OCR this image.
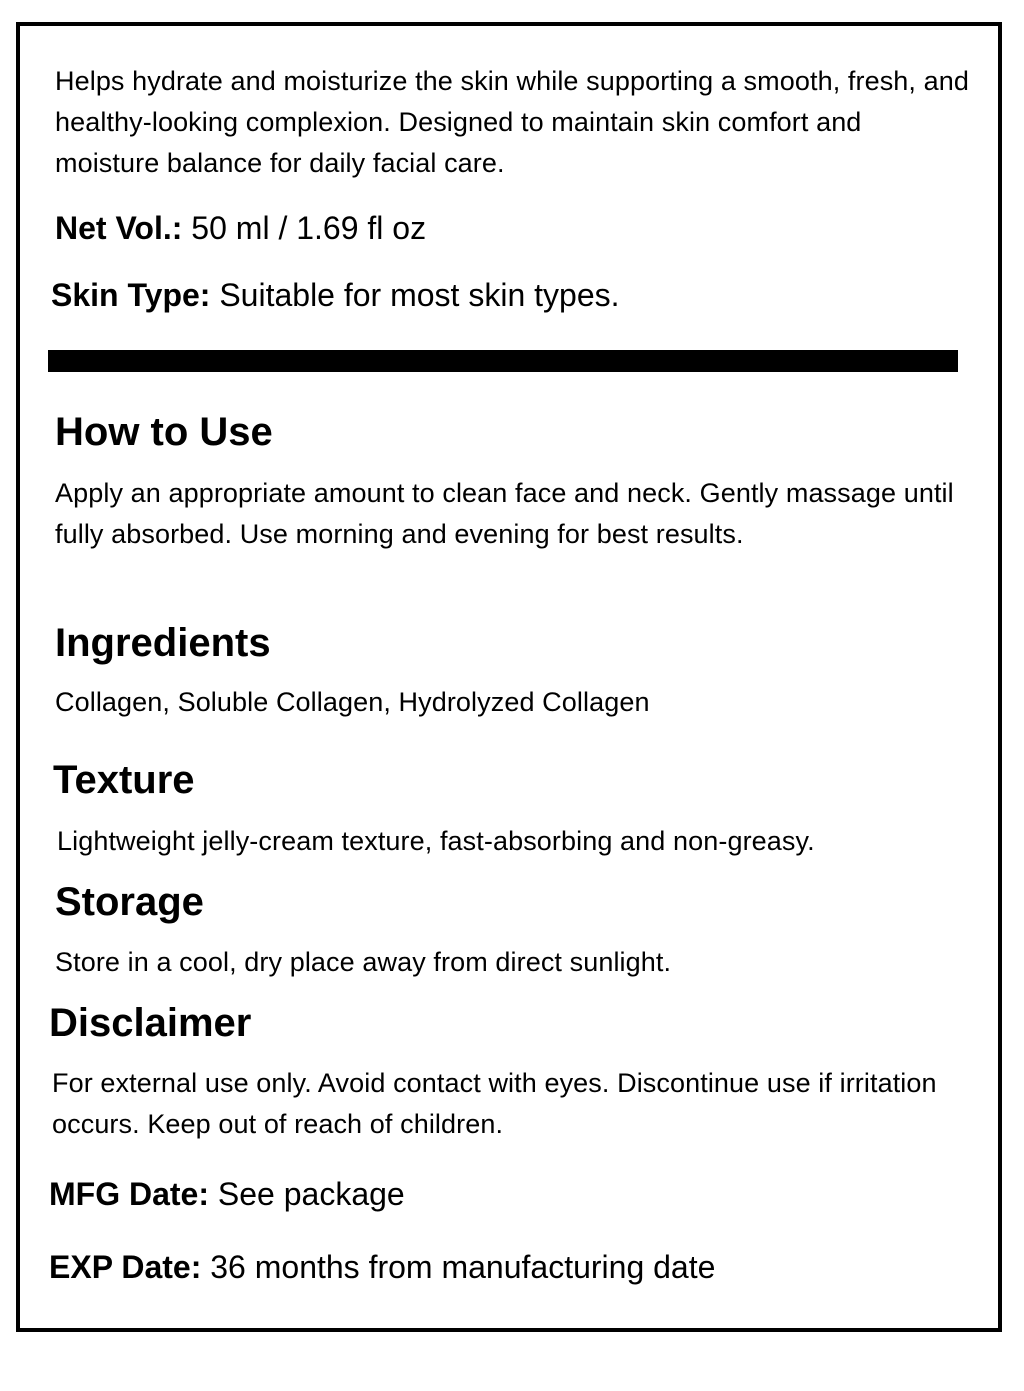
Helps hydrate and moisturize the skin while supporting a smooth, fresh, and healthy-looking complexion. Designed to maintain skin comfort and moisture balance for daily facial care.

Net Vol.: 50 ml / 1.69 fl oz
Skin Type: Suitable for most skin types.
How to Use

Apply an appropriate amount to clean face and neck. Gently massage until fully absorbed. Use morning and evening for best results.

Ingredients

Collagen, Soluble Collagen, Hydrolyzed Collagen

Texture

Lightweight jelly-cream texture, fast-absorbing and non-greasy.

Storage

Store in a cool, dry place away from direct sunlight.

Disclaimer

For external use only. Avoid contact with eyes. Discontinue use if irritation occurs. Keep out of reach of children.

MFG Date: See package
EXP Date: 36 months from manufacturing date
